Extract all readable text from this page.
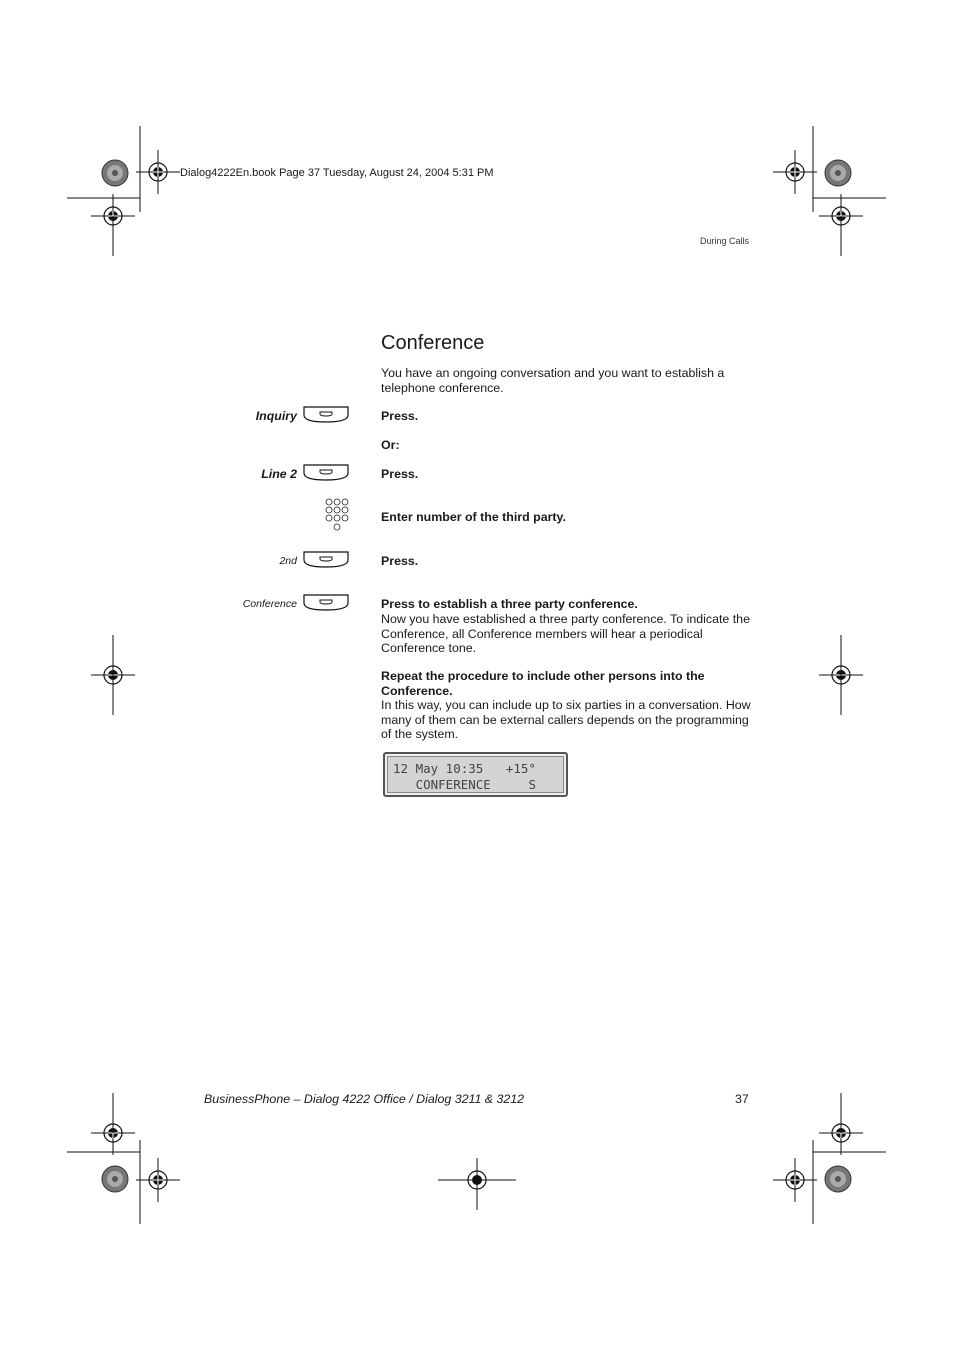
Dialog4222En.book Page 37 Tuesday, August 24, 2004 5:31 PM
During Calls
Conference
You have an ongoing conversation and you want to establish a telephone conference.
Inquiry	Press.
Or:
Line 2	Press.
Enter number of the third party.
2nd	Press.
Conference	Press to establish a three party conference.
Now you have established a three party conference. To indicate the Conference, all Conference members will hear a periodical Conference tone.
Repeat the procedure to include other persons into the Conference.
In this way, you can include up to six parties in a conversation. How many of them can be external callers depends on the programming of the system.
12 May 10:35   +15°
CONFERENCE     S
BusinessPhone – Dialog 4222 Office / Dialog 3211 & 3212	37
